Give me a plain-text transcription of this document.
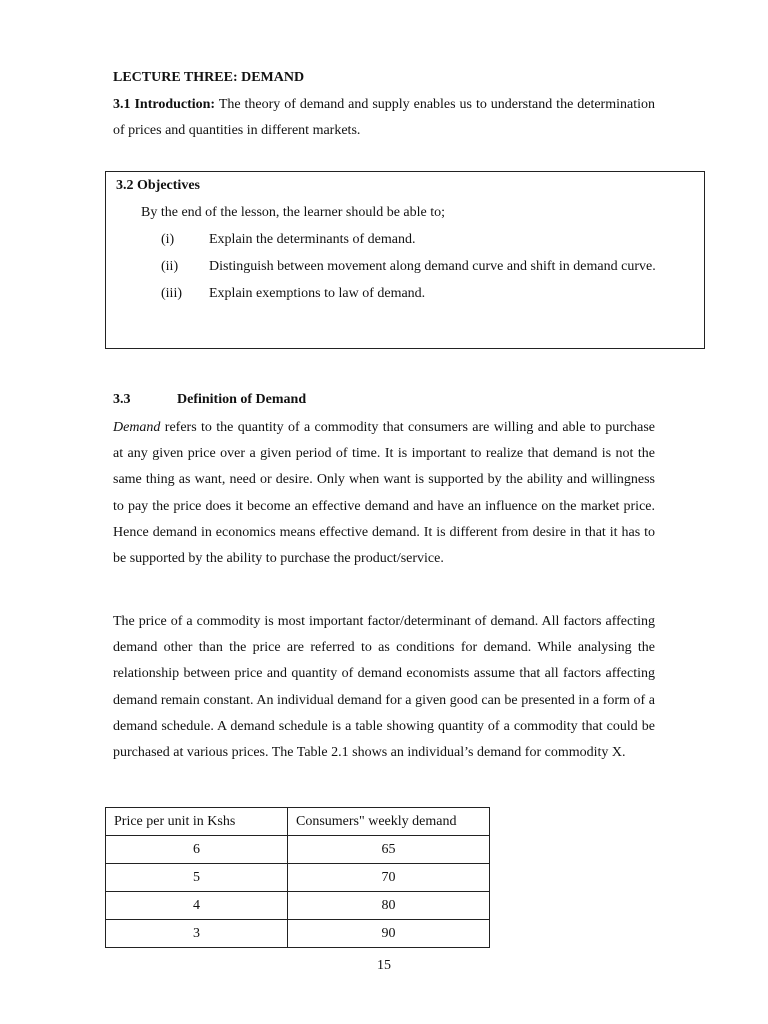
LECTURE THREE: DEMAND

3.1 Introduction: The theory of demand and supply enables us to understand the determination of prices and quantities in different markets.

3.2 Objectives
By the end of the lesson, the learner should be able to;
(i) Explain the determinants of demand.
(ii) Distinguish between movement along demand curve and shift in demand curve.
(iii) Explain exemptions to law of demand.
3.3	Definition of Demand

Demand refers to the quantity of a commodity that consumers are willing and able to purchase at any given price over a given period of time. It is important to realize that demand is not the same thing as want, need or desire. Only when want is supported by the ability and willingness to pay the price does it become an effective demand and have an influence on the market price. Hence demand in economics means effective demand. It is different from desire in that it has to be supported by the ability to purchase the product/service.

The price of a commodity is most important factor/determinant of demand. All factors affecting demand other than the price are referred to as conditions for demand. While analysing the relationship between price and quantity of demand economists assume that all factors affecting demand remain constant. An individual demand for a given good can be presented in a form of a demand schedule. A demand schedule is a table showing quantity of a commodity that could be purchased at various prices. The Table 2.1 shows an individual’s demand for commodity X.

Price per unit in Kshs	Consumers" weekly demand
6	65
5	70
4	80
3	90
15
